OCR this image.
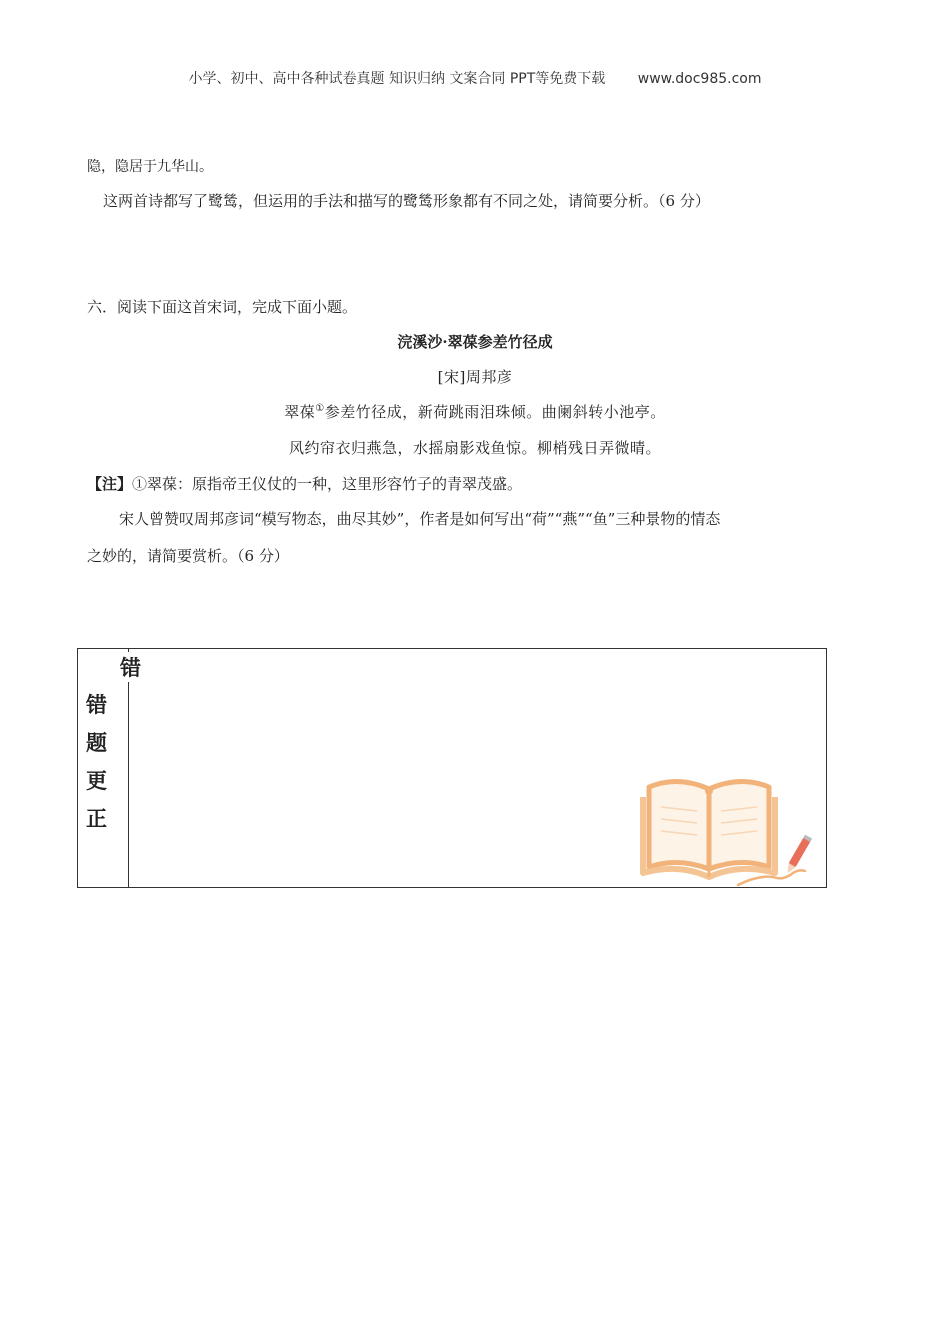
小学、初中、高中各种试卷真题 知识归纳 文案合同 PPT等免费下载 www.doc985.com
隐，隐居于九华山。
这两首诗都写了鹭鸶，但运用的手法和描写的鹭鸶形象都有不同之处，请简要分析。（6 分）
六．阅读下面这首宋词，完成下面小题。
浣溪沙·翠葆参差竹径成
[宋]周邦彦
翠葆①参差竹径成，新荷跳雨泪珠倾。曲阑斜转小池亭。
风约帘衣归燕急，水摇扇影戏鱼惊。柳梢残日弄微晴。
【注】①翠葆：原指帝王仪仗的一种，这里形容竹子的青翠茂盛。
宋人曾赞叹周邦彦词“模写物态，曲尽其妙”，作者是如何写出“荷”“燕”“鱼”三种景物的情态
之妙的，请简要赏析。（6 分）
错
题
更
正
错
